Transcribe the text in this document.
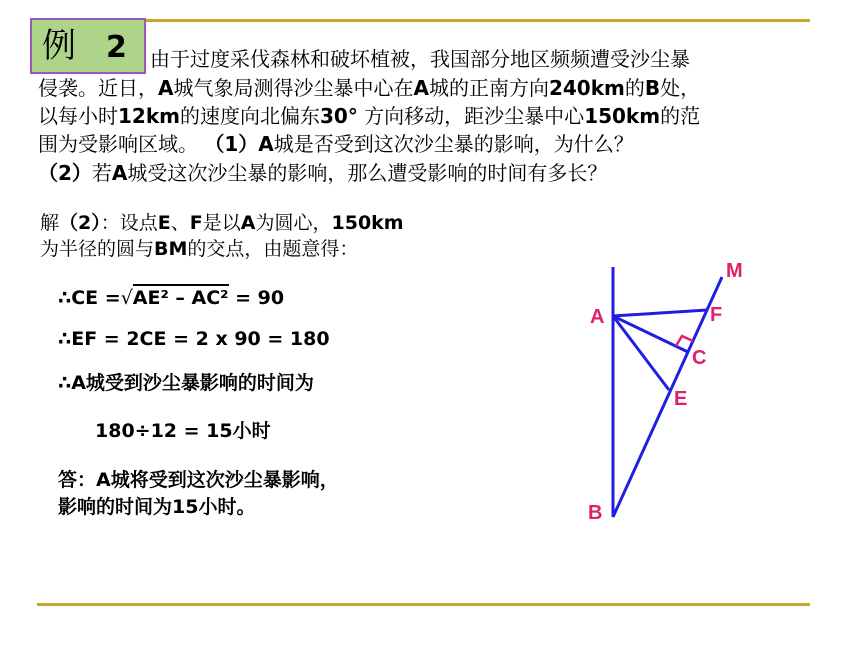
例 2	由于过度采伐森林和破坏植被，我国部分地区频频遭受沙尘暴
侵袭。近日，A城气象局测得沙尘暴中心在A城的正南方向240km的B处，
以每小时12km的速度向北偏东30° 方向移动，距沙尘暴中心150km的范
围为受影响区域。 （1）A城是否受到这次沙尘暴的影响，为什么？
（2）若A城受这次沙尘暴的影响，那么遭受影响的时间有多长？
解（2）：设点E、F是以A为圆心，150km
为半径的圆与BM的交点，由题意得：
∴CE =√AE² – AC² = 90
∴EF = 2CE = 2 x 90 = 180
∴A城受到沙尘暴影响的时间为
180÷12 = 15小时
答：A城将受到这次沙尘暴影响，
影响的时间为15小时。
M
A	F
C
E
B
